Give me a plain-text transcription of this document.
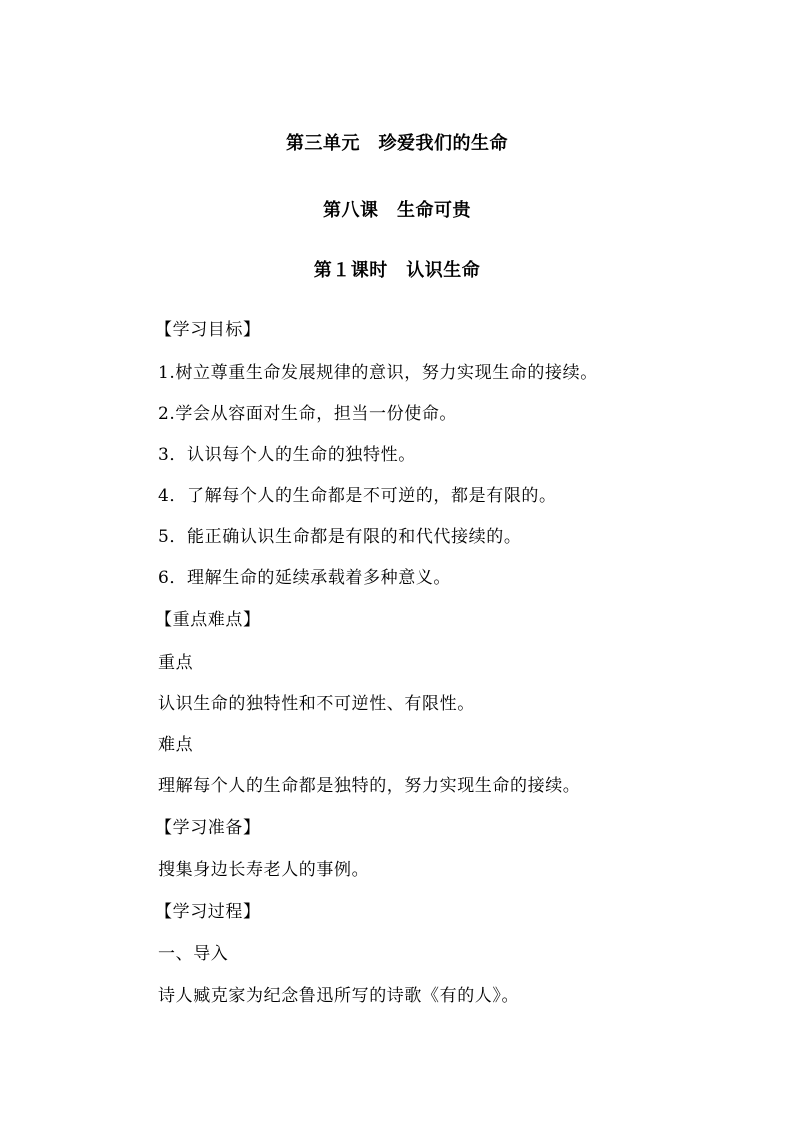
第三单元　珍爱我们的生命
第八课　生命可贵
第１课时　认识生命
【学习目标】
1.树立尊重生命发展规律的意识，努力实现生命的接续。
2.学会从容面对生命，担当一份使命。
3．认识每个人的生命的独特性。
4．了解每个人的生命都是不可逆的，都是有限的。
5．能正确认识生命都是有限的和代代接续的。
6．理解生命的延续承载着多种意义。
【重点难点】
重点
认识生命的独特性和不可逆性、有限性。
难点
理解每个人的生命都是独特的，努力实现生命的接续。
【学习准备】
搜集身边长寿老人的事例。
【学习过程】
一、导入
诗人臧克家为纪念鲁迅所写的诗歌《有的人》。
